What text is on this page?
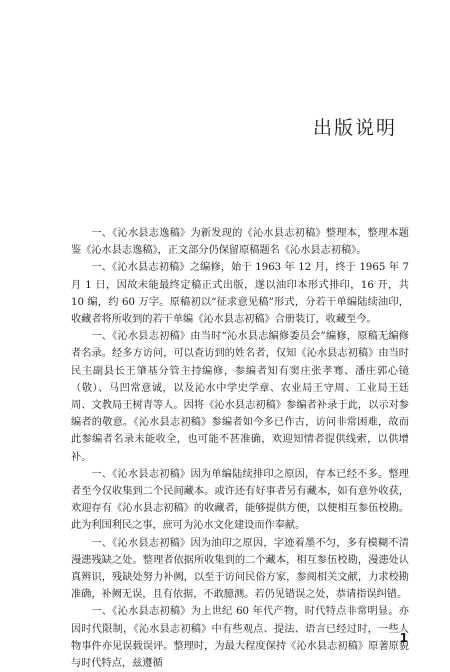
出版说明

一、《沁水县志逸稿》为新发现的《沁水县志初稿》整理本，整理本题鉴《沁水县志逸稿》，正文部分仍保留原稿题名《沁水县志初稿》。

一、《沁水县志初稿》之编修，始于 1963 年 12 月，终于 1965 年 7 月 1 日，因故未能最终定稿正式出版，遂以油印本形式排印，16 开，共 10 编，约 60 万字。原稿初以“征求意见稿”形式，分若干单编陆续油印，收藏者将所收到的若干单编《沁水县志初稿》合册装订，收藏至今。

一、《沁水县志初稿》由当时“沁水县志编修委员会”编修，原稿无编修者名录。经多方访问，可以查访到的姓名者，仅知《沁水县志初稿》由当时民主副县长王肇基分管主持编修，参编者知有窦庄张孝骞、潘庄郭心镜（敬）、马凹常意诚，以及沁水中学史学章、农业局王守周、工业局王廷周、文教局王树青等人。因将《沁水县志初稿》参编者补录于此，以示对参编者的敬意。《沁水县志初稿》参编者如今多已作古，访问非常困难，故而此参编者名录未能收全，也可能不甚准确，欢迎知情者提供线索，以供增补。

一、《沁水县志初稿》因为单编陆续排印之原因，存本已经不多。整理者至今仅收集到二个民间藏本。或许还有好事者另有藏本，如有意外收获，欢迎存有《沁水县志初稿》的收藏者，能够提供方便，以便相互参伍校勘。此为利国利民之事，庶可为沁水文化建设而作奉献。

一、《沁水县志初稿》因为油印之原因，字迹着墨不匀，多有模糊不清漫漶残缺之处。整理者依据所收集到的二个藏本，相互参伍校勘，漫漶处认真辨识，残缺处努力补阙，以至于访问民俗方家，参阅相关文献，力求校勘准确，补阙无误，且有依据，不敢臆测。若仍见错误之处，恭请指误纠错。

一、《沁水县志初稿》为上世纪 60 年代产物，时代特点非常明显。亦因时代限制，《沁水县志初稿》中有些观点、提法、语言已经过时，一些人物事件亦见误载误评。整理时，为最大程度保持《沁水县志初稿》原著原貌与时代特点，兹遵循

1
